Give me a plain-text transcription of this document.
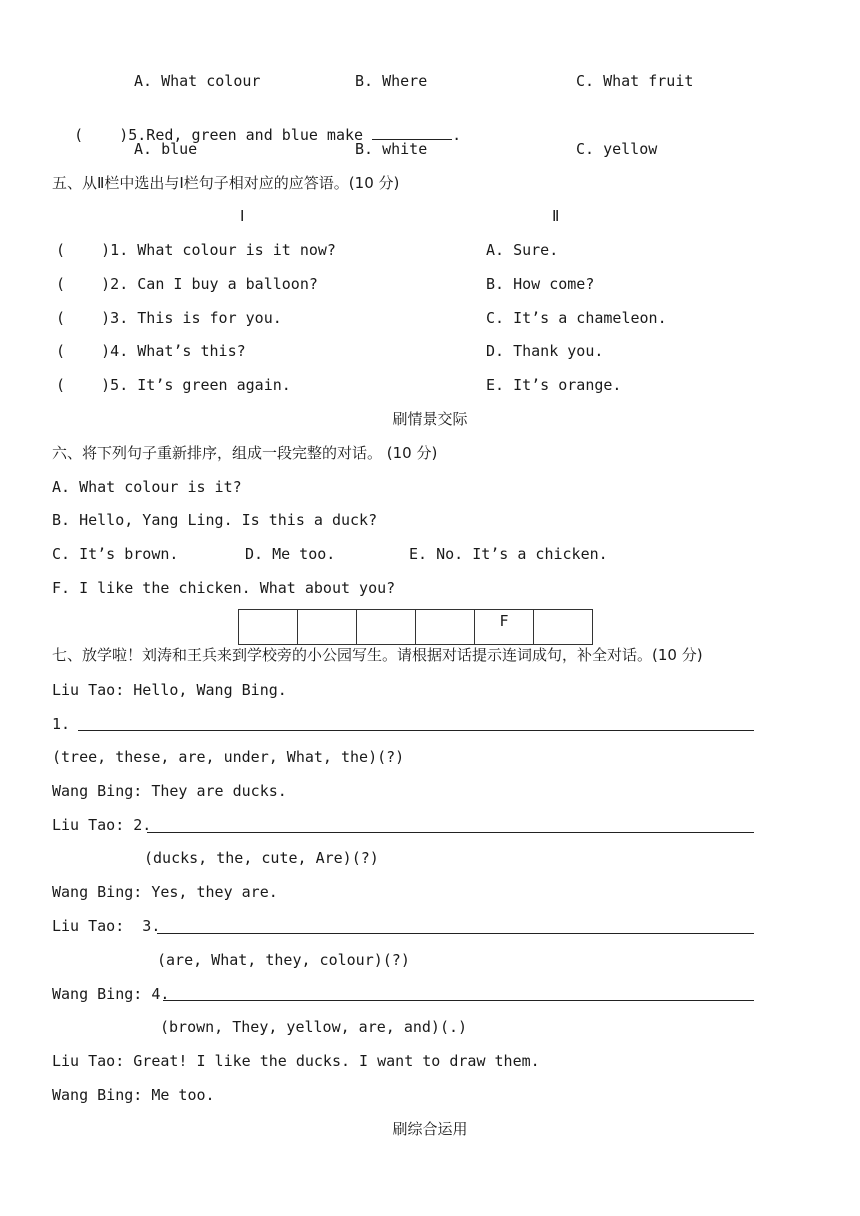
A. What colour	B. Where	C. What fruit

(    )5.Red, green and blue make	.

A. blue	B. white	C. yellow
五、从Ⅱ栏中选出与Ⅰ栏句子相对应的应答语。(10 分)
Ⅰ	Ⅱ
(    )1. What colour is it now?	A. Sure.
(    )2. Can I buy a balloon?	B. How come?
(    )3. This is for you.	C. It’s a chameleon.
(    )4. What’s this?	D. Thank you.
(    )5. It’s green again.	E. It’s orange.
刷情景交际
六、将下列句子重新排序，组成一段完整的对话。 (10 分)
A. What colour is it?
B. Hello, Yang Ling. Is this a duck?
C. It’s brown.	D. Me too.	E. No. It’s a chicken.
F. I like the chicken. What about you?
				F	
七、放学啦！刘涛和王兵来到学校旁的小公园写生。请根据对话提示连词成句，补全对话。(10 分)
Liu Tao: Hello, Wang Bing.
1.
(tree, these, are, under, What, the)(?)
Wang Bing: They are ducks.
Liu Tao: 2.
(ducks, the, cute, Are)(?)
Wang Bing: Yes, they are.
Liu Tao:  3.
(are, What, they, colour)(?)
Wang Bing: 4.
(brown, They, yellow, are, and)(.)
Liu Tao: Great! I like the ducks. I want to draw them.
Wang Bing: Me too.
刷综合运用
